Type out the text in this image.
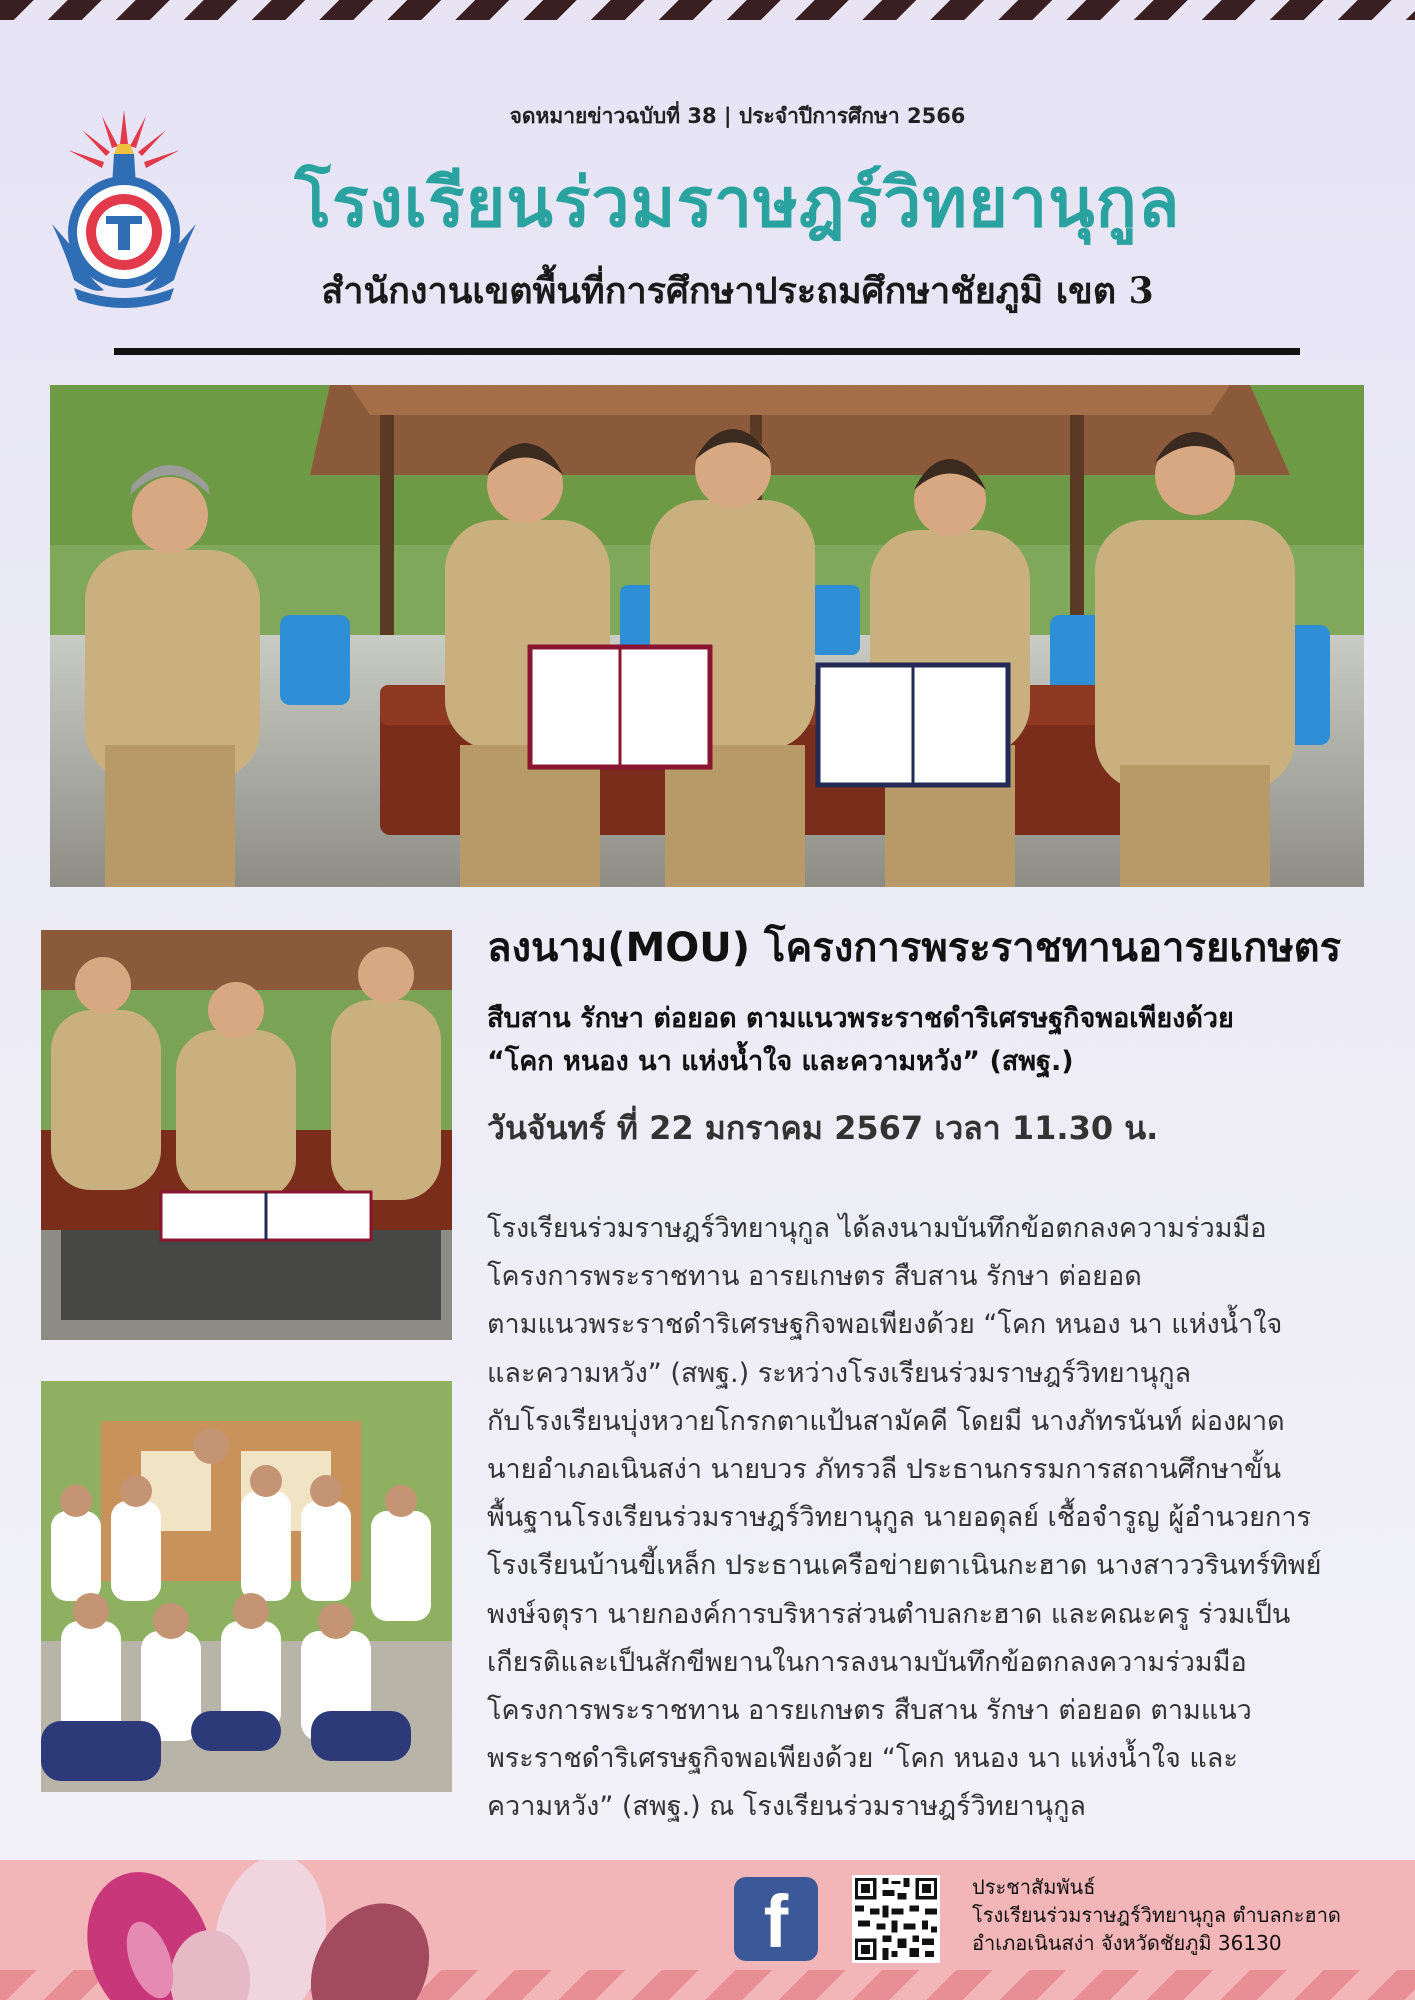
จดหมายข่าวฉบับที่ 38 | ประจำปีการศึกษา 2566
โรงเรียนร่วมราษฎร์วิทยานุกูล
สำนักงานเขตพื้นที่การศึกษาประถมศึกษาชัยภูมิ เขต 3
ลงนาม(MOU) โครงการพระราชทานอารยเกษตร
สืบสาน รักษา ต่อยอด ตามแนวพระราชดำริเศรษฐกิจพอเพียงด้วย
“โคก หนอง นา แห่งน้ำใจ และความหวัง” (สพฐ.)
วันจันทร์ ที่ 22 มกราคม 2567 เวลา 11.30 น.
โรงเรียนร่วมราษฎร์วิทยานุกูล ได้ลงนามบันทึกข้อตกลงความร่วมมือ
โครงการพระราชทาน อารยเกษตร สืบสาน รักษา ต่อยอด
ตามแนวพระราชดำริเศรษฐกิจพอเพียงด้วย “โคก หนอง นา แห่งน้ำใจ
และความหวัง” (สพฐ.) ระหว่างโรงเรียนร่วมราษฎร์วิทยานุกูล
กับโรงเรียนบุ่งหวายโกรกตาแป้นสามัคคี โดยมี นางภัทรนันท์ ผ่องผาด
นายอำเภอเนินสง่า นายบวร ภัทรวลี ประธานกรรมการสถานศึกษาขั้น
พื้นฐานโรงเรียนร่วมราษฎร์วิทยานุกูล นายอดุลย์ เชื้อจำรูญ ผู้อำนวยการ
โรงเรียนบ้านขี้เหล็ก ประธานเครือข่ายตาเนินกะฮาด นางสาววรินทร์ทิพย์
พงษ์จตุรา นายกองค์การบริหารส่วนตำบลกะฮาด และคณะครู ร่วมเป็น
เกียรติและเป็นสักขีพยานในการลงนามบันทึกข้อตกลงความร่วมมือ
โครงการพระราชทาน อารยเกษตร สืบสาน รักษา ต่อยอด ตามแนว
พระราชดำริเศรษฐกิจพอเพียงด้วย “โคก หนอง นา แห่งน้ำใจ และ
ความหวัง” (สพฐ.) ณ โรงเรียนร่วมราษฎร์วิทยานุกูล
f	ประชาสัมพันธ์
โรงเรียนร่วมราษฎร์วิทยานุกูล ตำบลกะฮาด
อำเภอเนินสง่า จังหวัดชัยภูมิ 36130
